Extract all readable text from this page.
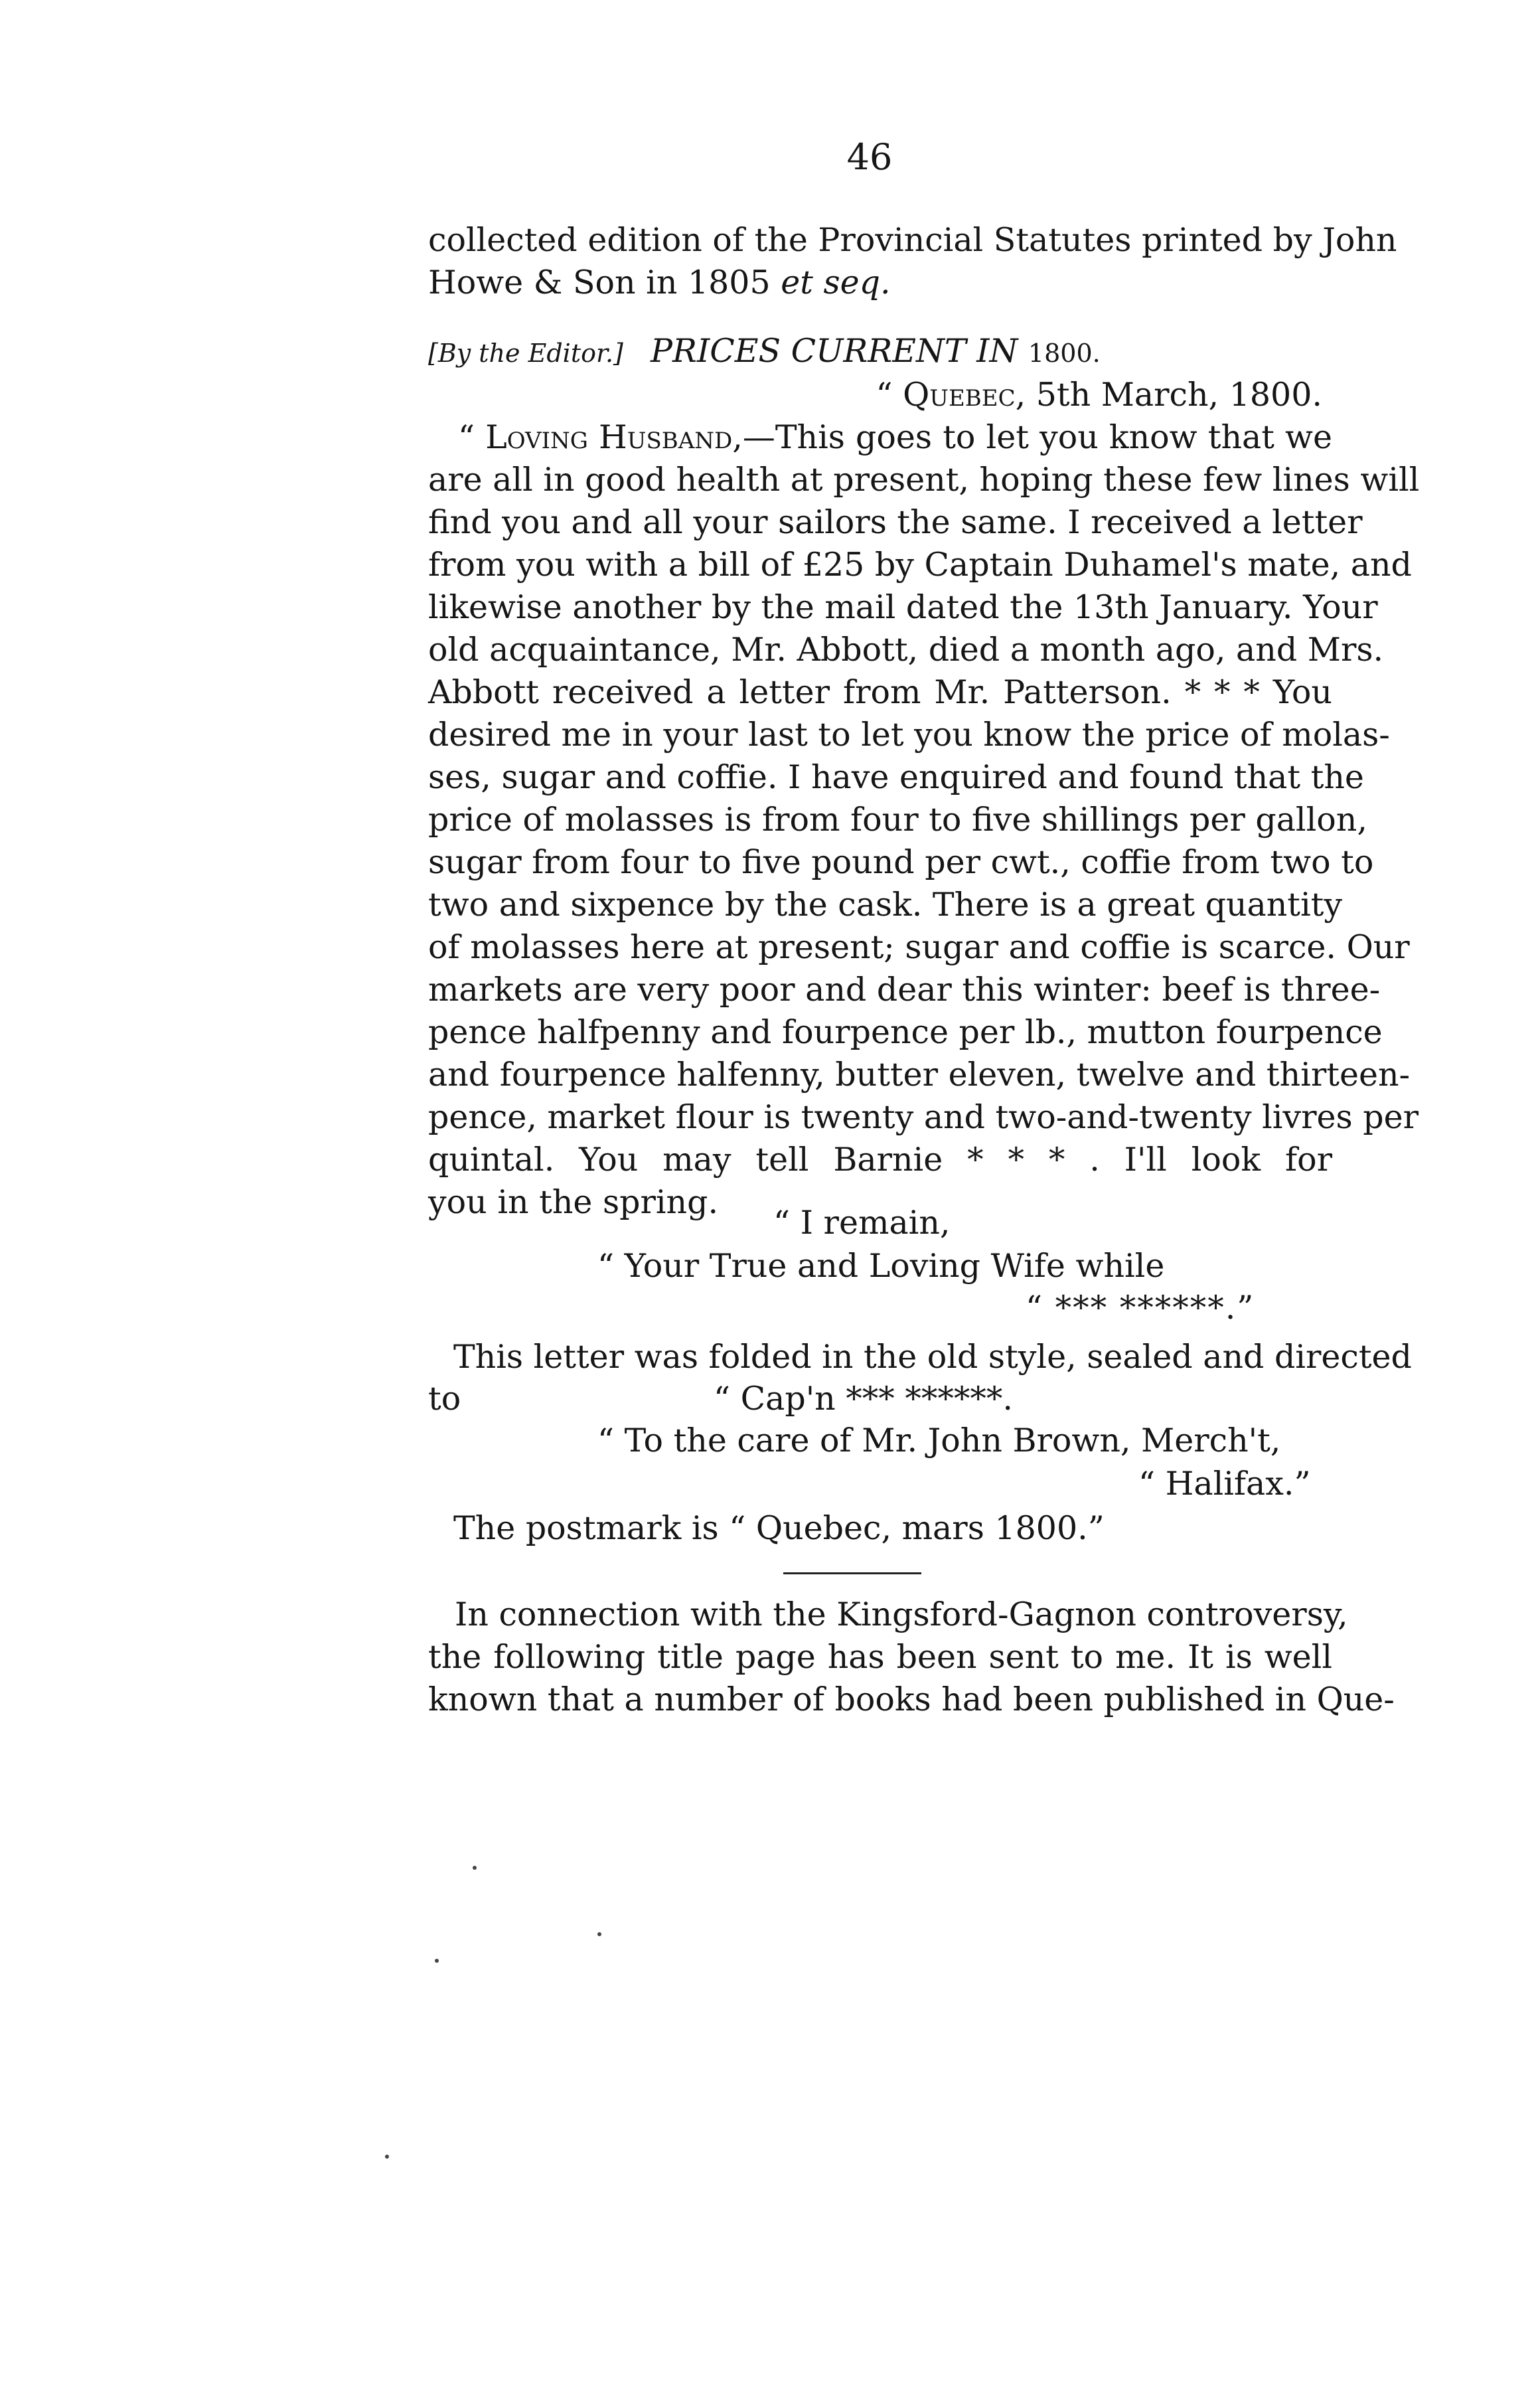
46
collected edition of the Provincial Statutes printed by John
Howe & Son in 1805 et seq.
[By the Editor.] PRICES CURRENT IN 1800.
“ Quebec, 5th March, 1800.
“ Loving Husband,—This goes to let you know that we
are all in good health at present, hoping these few lines will
find you and all your sailors the same. I received a letter
from you with a bill of £25 by Captain Duhamel's mate, and
likewise another by the mail dated the 13th January. Your
old acquaintance, Mr. Abbott, died a month ago, and Mrs.
Abbott received a letter from Mr. Patterson. * * * You
desired me in your last to let you know the price of molas-
ses, sugar and coffie. I have enquired and found that the
price of molasses is from four to five shillings per gallon,
sugar from four to five pound per cwt., coffie from two to
two and sixpence by the cask. There is a great quantity
of molasses here at present; sugar and coffie is scarce. Our
markets are very poor and dear this winter: beef is three-
pence halfpenny and fourpence per lb., mutton fourpence
and fourpence halfenny, butter eleven, twelve and thirteen-
pence, market flour is twenty and two-and-twenty livres per
quintal. You may tell Barnie * * * . I'll look for
you in the spring.
“ I remain,
“ Your True and Loving Wife while
“ *** ******.”
This letter was folded in the old style, sealed and directed
to	“ Cap'n *** ******.
“ To the care of Mr. John Brown, Merch't,
“ Halifax.”
The postmark is “ Quebec, mars 1800.”
In connection with the Kingsford-Gagnon controversy,
the following title page has been sent to me. It is well
known that a number of books had been published in Que-
